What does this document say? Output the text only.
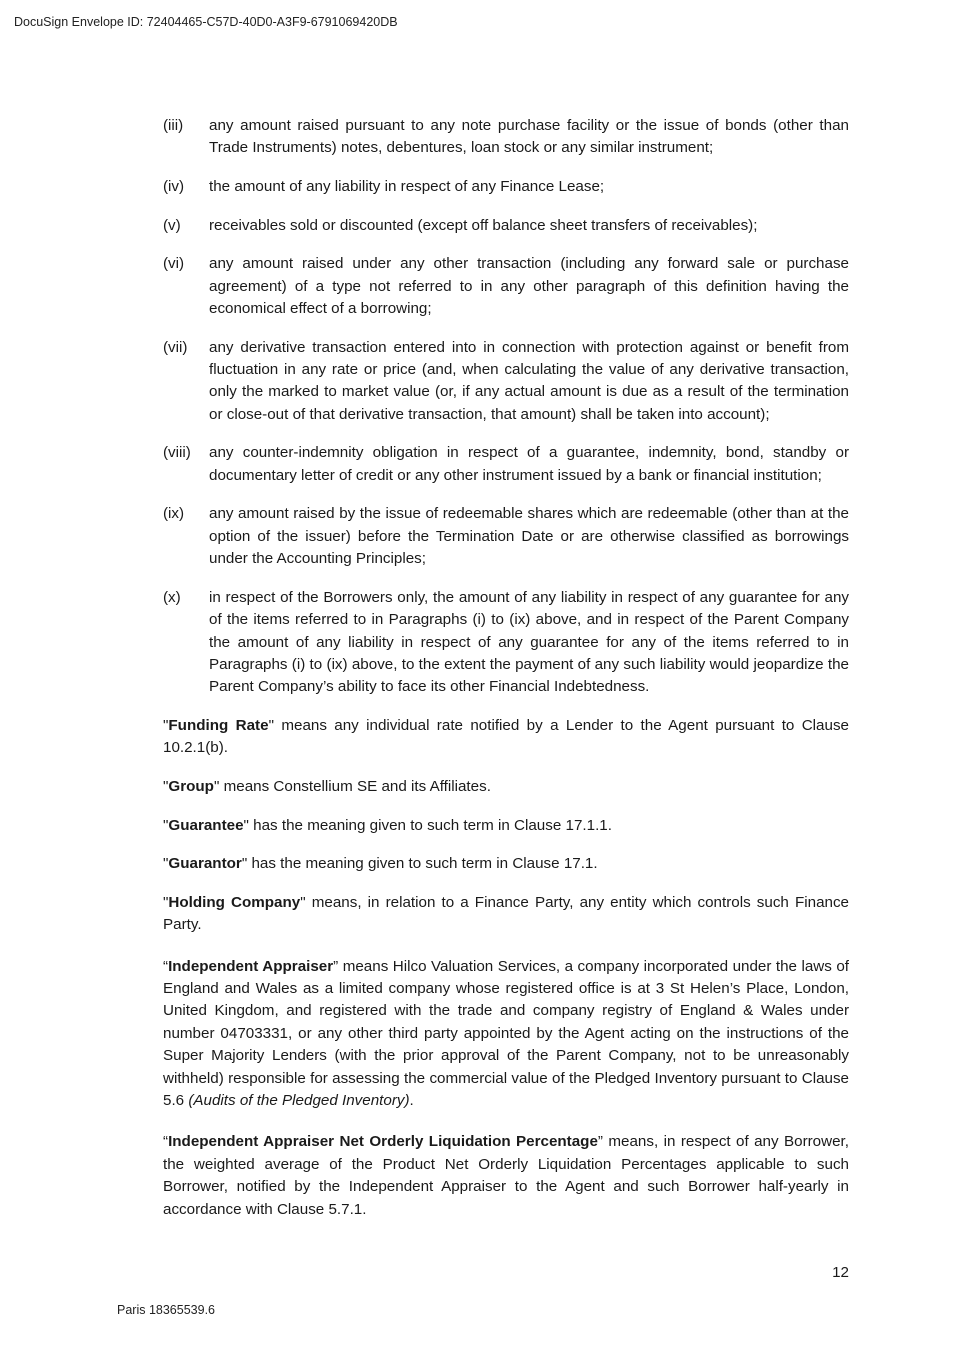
DocuSign Envelope ID: 72404465-C57D-40D0-A3F9-6791069420DB
(iii)	any amount raised pursuant to any note purchase facility or the issue of bonds (other than Trade Instruments) notes, debentures, loan stock or any similar instrument;
(iv)	the amount of any liability in respect of any Finance Lease;
(v)	receivables sold or discounted (except off balance sheet transfers of receivables);
(vi)	any amount raised under any other transaction (including any forward sale or purchase agreement) of a type not referred to in any other paragraph of this definition having the economical effect of a borrowing;
(vii)	any derivative transaction entered into in connection with protection against or benefit from fluctuation in any rate or price (and, when calculating the value of any derivative transaction, only the marked to market value (or, if any actual amount is due as a result of the termination or close-out of that derivative transaction, that amount) shall be taken into account);
(viii)	any counter-indemnity obligation in respect of a guarantee, indemnity, bond, standby or documentary letter of credit or any other instrument issued by a bank or financial institution;
(ix)	any amount raised by the issue of redeemable shares which are redeemable (other than at the option of the issuer) before the Termination Date or are otherwise classified as borrowings under the Accounting Principles;
(x)	in respect of the Borrowers only, the amount of any liability in respect of any guarantee for any of the items referred to in Paragraphs (i) to (ix) above, and in respect of the Parent Company the amount of any liability in respect of any guarantee for any of the items referred to in Paragraphs (i) to (ix) above, to the extent the payment of any such liability would jeopardize the Parent Company’s ability to face its other Financial Indebtedness.

"Funding Rate" means any individual rate notified by a Lender to the Agent pursuant to Clause 10.2.1(b).

"Group" means Constellium SE and its Affiliates.

"Guarantee" has the meaning given to such term in Clause 17.1.1.

"Guarantor" has the meaning given to such term in Clause 17.1.

"Holding Company" means, in relation to a Finance Party, any entity which controls such Finance Party.

“Independent Appraiser” means Hilco Valuation Services, a company incorporated under the laws of England and Wales as a limited company whose registered office is at 3 St Helen’s Place, London, United Kingdom, and registered with the trade and company registry of England & Wales under number 04703331, or any other third party appointed by the Agent acting on the instructions of the Super Majority Lenders (with the prior approval of the Parent Company, not to be unreasonably withheld) responsible for assessing the commercial value of the Pledged Inventory pursuant to Clause 5.6 (Audits of the Pledged Inventory).

“Independent Appraiser Net Orderly Liquidation Percentage” means, in respect of any Borrower, the weighted average of the Product Net Orderly Liquidation Percentages applicable to such Borrower, notified by the Independent Appraiser to the Agent and such Borrower half-yearly in accordance with Clause 5.7.1.

12
Paris 18365539.6
